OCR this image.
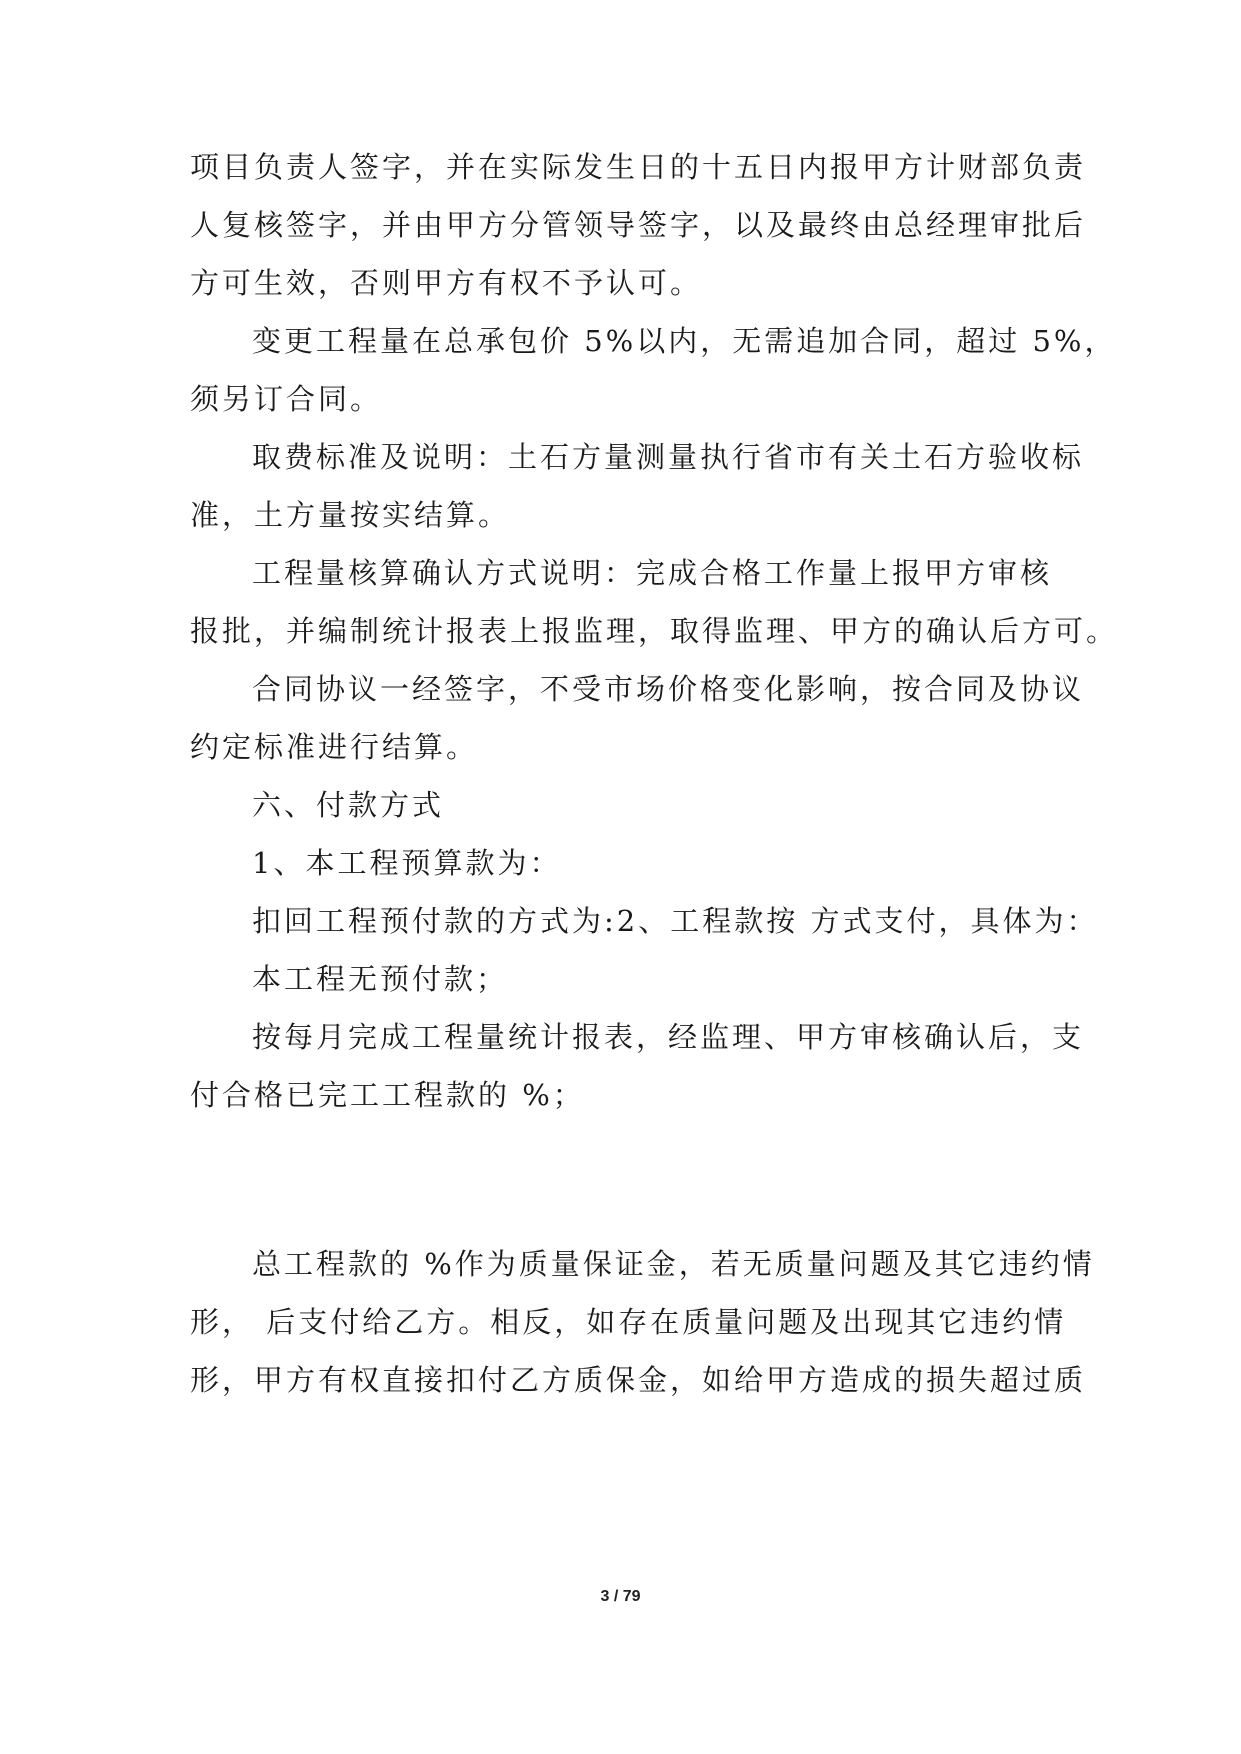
项目负责人签字，并在实际发生日的十五日内报甲方计财部负责
人复核签字，并由甲方分管领导签字，以及最终由总经理审批后
方可生效，否则甲方有权不予认可。
变更工程量在总承包价 5%以内，无需追加合同，超过 5%，
须另订合同。
取费标准及说明：土石方量测量执行省市有关土石方验收标
准，土方量按实结算。
工程量核算确认方式说明：完成合格工作量上报甲方审核
报批，并编制统计报表上报监理，取得监理、甲方的确认后方可。
合同协议一经签字，不受市场价格变化影响，按合同及协议
约定标准进行结算。
六、付款方式
1、本工程预算款为：
扣回工程预付款的方式为:2、工程款按 方式支付，具体为：
本工程无预付款；
按每月完成工程量统计报表，经监理、甲方审核确认后，支
付合格已完工工程款的 %；
总工程款的 %作为质量保证金，若无质量问题及其它违约情
形， 后支付给乙方。相反，如存在质量问题及出现其它违约情
形，甲方有权直接扣付乙方质保金，如给甲方造成的损失超过质
3 / 79
